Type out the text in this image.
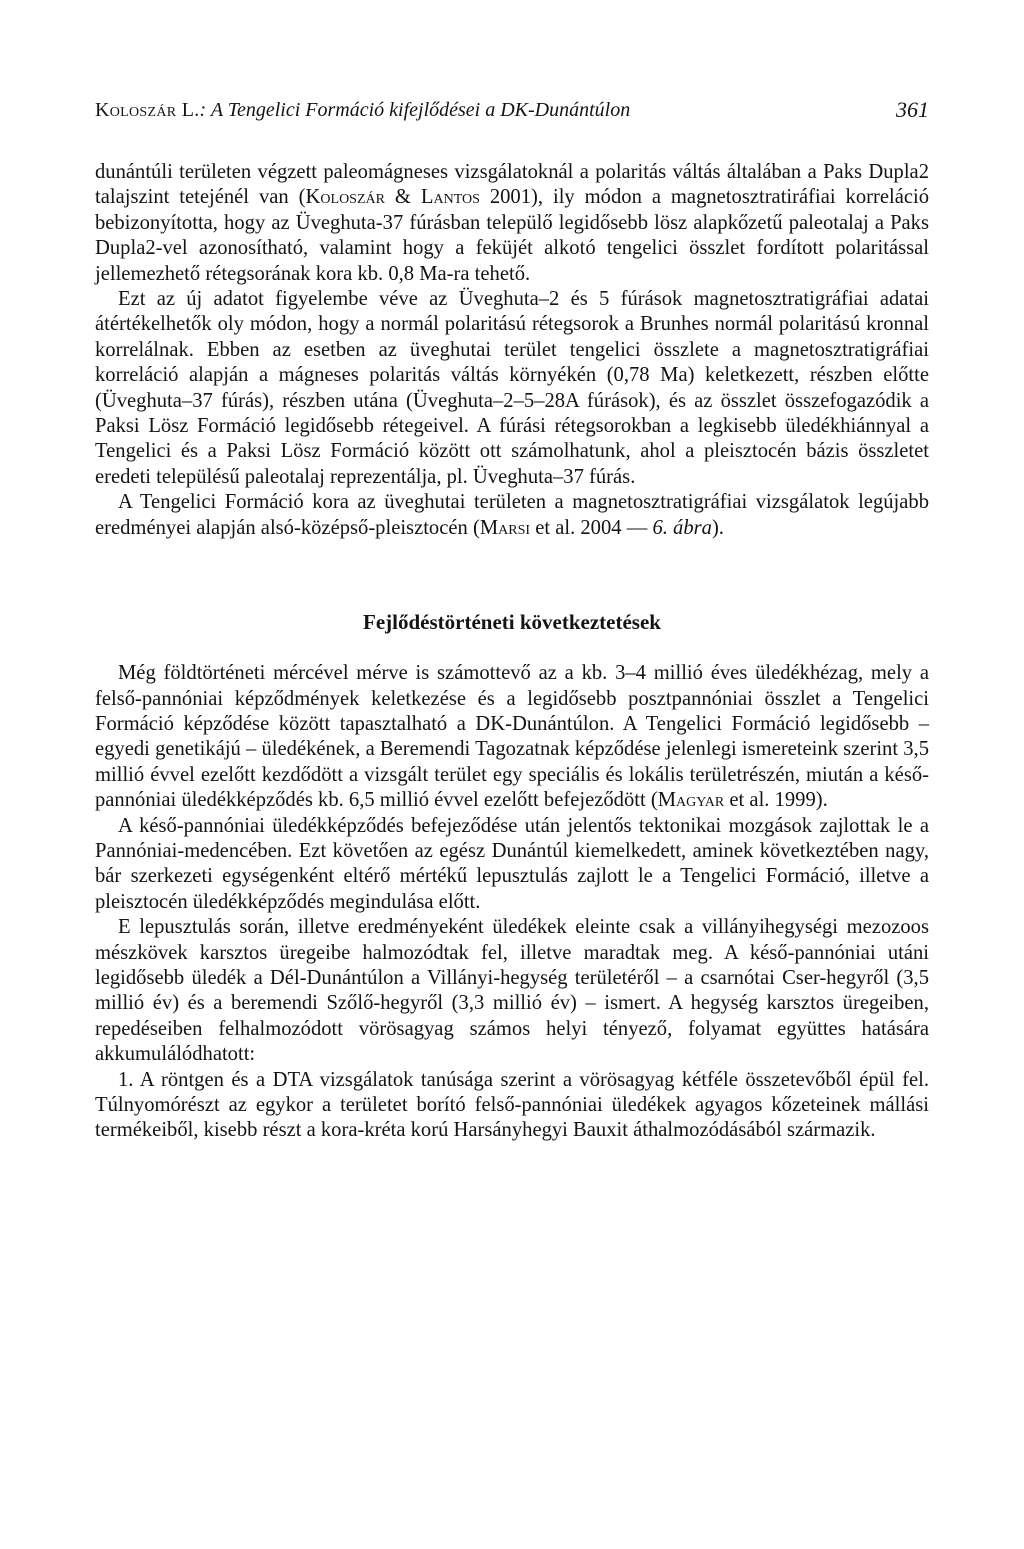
Koloszár L.: A Tengelici Formáció kifejlődései a DK-Dunántúlon	361

dunántúli területen végzett paleomágneses vizsgálatoknál a polaritás váltás általában a Paks Dupla2 talajszint tetejénél van (Koloszár & Lantos 2001), ily módon a magnetosztratiráfiai korreláció bebizonyította, hogy az Üveghuta-37 fúrásban települő legidősebb lösz alapkőzetű paleotalaj a Paks Dupla2-vel azonosítható, valamint hogy a feküjét alkotó tengelici összlet fordított polaritással jellemezhető rétegsorának kora kb. 0,8 Ma-ra tehető.

Ezt az új adatot figyelembe véve az Üveghuta–2 és 5 fúrások magnetosztratigráfiai adatai átértékelhetők oly módon, hogy a normál polaritású rétegsorok a Brunhes normál polaritású kronnal korrelálnak. Ebben az esetben az üveghutai terület tengelici összlete a magnetosztratigráfiai korreláció alapján a mágneses polaritás váltás környékén (0,78 Ma) keletkezett, részben előtte (Üveghuta–37 fúrás), részben utána (Üveghuta–2–5–28A fúrások), és az összlet összefogazódik a Paksi Lösz Formáció legidősebb rétegeivel. A fúrási rétegsorokban a legkisebb üledékhiánnyal a Tengelici és a Paksi Lösz Formáció között ott számolhatunk, ahol a pleisztocén bázis összletet eredeti településű paleotalaj reprezentálja, pl. Üveghuta–37 fúrás.

A Tengelici Formáció kora az üveghutai területen a magnetosztratigráfiai vizsgálatok legújabb eredményei alapján alsó-középső-pleisztocén (Marsi et al. 2004 — 6. ábra).

Fejlődéstörténeti következtetések

Még földtörténeti mércével mérve is számottevő az a kb. 3–4 millió éves üledékhézag, mely a felső-pannóniai képződmények keletkezése és a legidősebb posztpannóniai összlet a Tengelici Formáció képződése között tapasztalható a DK-Dunántúlon. A Tengelici Formáció legidősebb – egyedi genetikájú – üledékének, a Beremendi Tagozatnak képződése jelenlegi ismereteink szerint 3,5 millió évvel ezelőtt kezdődött a vizsgált terület egy speciális és lokális területrészén, miután a késő-pannóniai üledékképződés kb. 6,5 millió évvel ezelőtt befejeződött (Magyar et al. 1999).

A késő-pannóniai üledékképződés befejeződése után jelentős tektonikai mozgások zajlottak le a Pannóniai-medencében. Ezt követően az egész Dunántúl kiemelkedett, aminek következtében nagy, bár szerkezeti egységenként eltérő mértékű lepusztulás zajlott le a Tengelici Formáció, illetve a pleisztocén üledékképződés megindulása előtt.

E lepusztulás során, illetve eredményeként üledékek eleinte csak a villányihegységi mezozoos mészkövek karsztos üregeibe halmozódtak fel, illetve maradtak meg. A késő-pannóniai utáni legidősebb üledék a Dél-Dunántúlon a Villányi-hegység területéről – a csarnótai Cser-hegyről (3,5 millió év) és a beremendi Szőlő-hegyről (3,3 millió év) – ismert. A hegység karsztos üregeiben, repedéseiben felhalmozódott vörösagyag számos helyi tényező, folyamat együttes hatására akkumulálódhatott:

1. A röntgen és a DTA vizsgálatok tanúsága szerint a vörösagyag kétféle összetevőből épül fel. Túlnyomórészt az egykor a területet borító felső-pannóniai üledékek agyagos kőzeteinek mállási termékeiből, kisebb részt a kora-kréta korú Harsányhegyi Bauxit áthalmozódásából származik.
